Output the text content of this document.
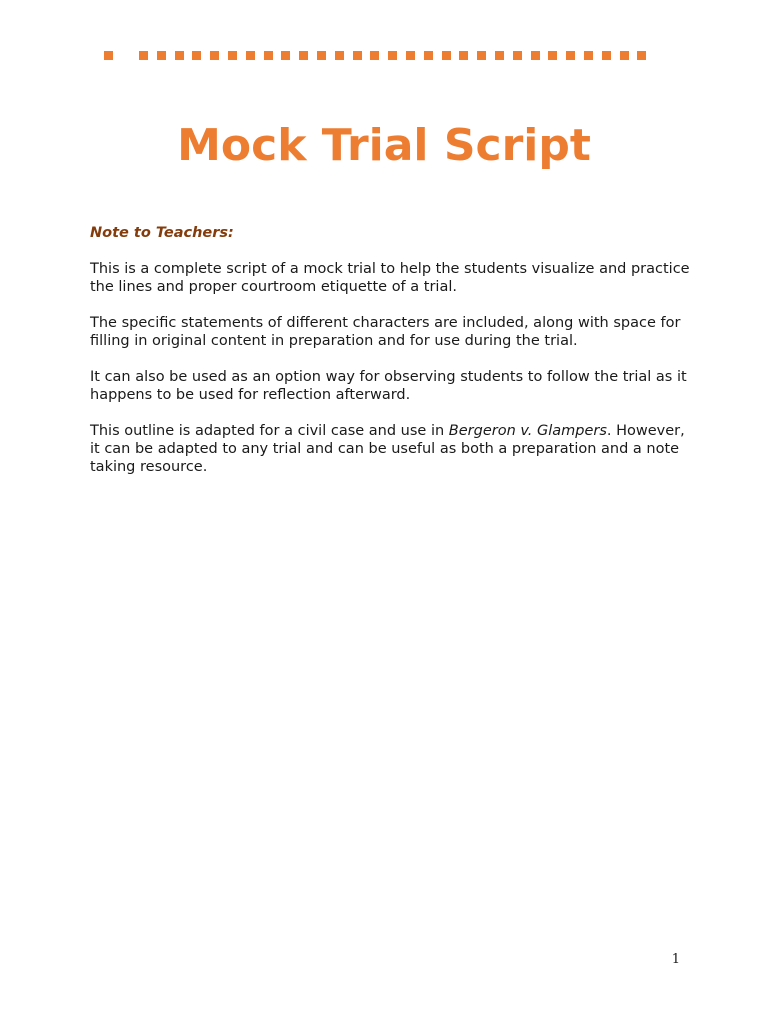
Mock Trial Script

Note to Teachers:

This is a complete script of a mock trial to help the students visualize and practice the lines and proper courtroom etiquette of a trial.

The specific statements of different characters are included, along with space for filling in original content in preparation and for use during the trial.

It can also be used as an option way for observing students to follow the trial as it happens to be used for reflection afterward.

This outline is adapted for a civil case and use in Bergeron v. Glampers. However, it can be adapted to any trial and can be useful as both a preparation and a note taking resource.

1
